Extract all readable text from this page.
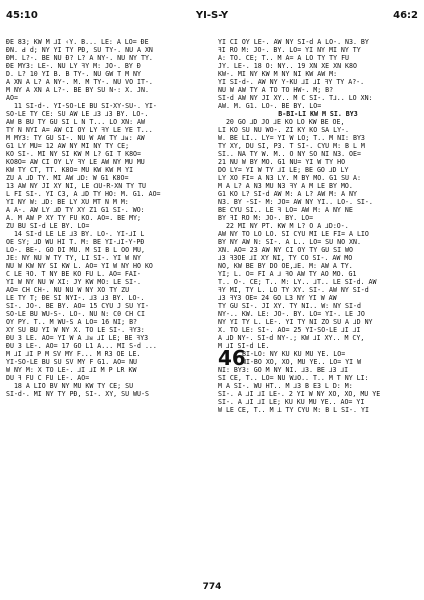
45:10	YI-S-Y	46:2
ÐE 83; KW M ⅃I ‹Y. B... LE: A LO= ÐE
ÐN. ꓒ d; NY YI TY PÐ, SU TY-. NU A XN
ÐM. L?-. BE NU Ð? L? A NY-. NU NY TY.
ÐE MY3: LE-. NU LY ꟻY M: JO-. BY Ð
D. L? 10 YI B. B TY-. NU GW T M NY
A XN A L? A NY-. M. M TY-. NU VO IT-.
M NY A XN A L?-. BE BY SU N-: X. JN.
AO=
11 SI-d-. YI-SO-LE BU SI-XY-SU-. YI-
SO-LE TY CE: SU AW LE ⅃3 ⅃3 BY. LO-.
AW B BU TY GU SI L N T... LO XN: AW
TY N NYI A= AW CI OY LY ꟻY LE YE T...
M MY3: TY GU SI-. NU W AW TY ⅃ᴚ: AW
G1 LY MU= 12 AW NY MI NY TY CE;
KO SI-. MI NY SI KW M L? GI T K8O=
KO8O= AW CI OY LY ꟻY LE AW NY MU MU
KW TY CT, TT. K8O= MU KW KW M YI
ZU A ⅃D TY. MI AW ⅃D: W G1 K8O=
13 AW NY JI XY NI, LE ꓷU-R-XN TY TU
L FI SI-. YI C3, A ⅃D TY HO: M. G1. AO=
YI NY W: ⅃D: BE LY XU MT N M M:
A A-. AW LY ⅃D TY XY Z1 G1 SI-. WO:
A. M AW P XY TY FU KO. AO=. BE MY;
ZU BU SI-d LE BY. LO=
14 SI-d LE LE ⅃3 BY. LO-. YI-⅃I L
OE SY; ⅃D WU HI T. M: BE YI-⅃I-Y-PÐ
LO-. BE-. GO DI MU. M SI B L OO MU,
JE: NY NU W TY TY, LI SI-. YI W NY
NU W KW NY SI KW L. AO= YI W NY HO KO
C LE ꟻO. T NY BE KO FU L. AO= FAI-
YI W NY NU W XI: JY KW MO: LE SI-.
AO= CH CH-. NU NU W NY XO TY ZU
LE TY T; ÐE SI NYI-. ⅃3 ⅃3 BY. LO-.
SI-. JO-. BE BY. AO= 15 CYU J SU YI-
SO-LE BU WU-S-. LO-. NU N: C0 CH CI
OY PY. T.. M WU-S A LO= 16 NI; B?
XY SU BU YI W NY X. TO LE SI-. ꟻY3:
ÐU 3 LE. AO= YI W A ⅃ᴚ ⅃I LE; BE ꟻY3
ÐU 3 LE-. AO= 17 GO L1 A... MI S-d ...
M ⅃I ⅃I P M SV MY F... M R3 OE LE.
YI-SO-LE BU SU SV MY F G1. AO= NU
W NY M: X TO LE-. ⅃I ⅃I M P LR KW
DU ꟻ FU C FU LE-. AO=
18 A LIO BV NY MU KW TY CE; SU
SI-d-. MI NY TY PÐ, SI-. XY, SU WU-S
YI CI OY LE-. AW NY SI-d A LO-. N3. BY
ꟻI RO M: JO-. BY. LO= YI NY MI NY TY
A: TO. CE; T.. M A= A LO TY TY FU
JY. LE-. 18 O: NY.. 19 XN XE XN K8O
KW-. MI NY KW M NY NI KW AW M:
YI SI-d-. AW NY Y-KU ⅃I ⅃I ꟻY TY A?-.
NU W AW TY A TO TO HW-. M; B?
SI-d AW NY JI XY.. M C SI-. T⅃.. LO XN:
AW. M. G1. LO-. BE BY. LO=
B-BI-LI KW M SI. BY3
20 GO ⅃D JO ⅃E KO LO KW BE OE,
LI KO SU NU WO-. ZI KY KO SA LY-.
W. BE LI.. LY= YI W LO; T.. M NI: BY3
TY XY, DU SI, P3. T SI-. CYU M: B L M
SI.. NA TY W. M.. O NY SO NI N3. OE=
21 NU W BY MO. G1 NU= YI W TY HO
DO LY= YI W TY ⅃I LE; BE GO ⅃D LY
LY XO FI= A N3 LY. M BY MO. G1 SU A:
M A L? A N3 MU N3 ꟻY A M LE BY MO.
G1 KO L? SI-d AW M: A L? AW M: A NY
N3. BY -SI- M: JO= AW NY YI.. LO-. SI-.
BE CYU SI.. LE ꟻ LO= AW M: A NY NE
BY ꟻI RO M: JO-. BY. LO=
22 MI NY PT. KW M L? O A ⅃D:O-.
AW NY TO LO LO. SI CYU MI LE FI= A LIO
BY NY AW N: SI-. A L.. LO= SU NO XN.
XN. AO= 23 AW NY CI OY TY GU SI WO
⅃3 ꟻ3OE ⅃I XY NI, TY CO SI-. AW MO
NO, KW BE BY DO OE,⅃E. M: AW A TY.
YI; L. O= FI A ⅃ ꟻO AW TY AO MO. G1
T.. O-. CE; T.. M: LY.. ⅃T.. LE SI-d. AW
ꟻY MI, TY L. LO TY XY. SI-. AW NY SI-d
⅃3 ꟻY3 OE= 24 GO L3 NY YI W AW
TY GU SI-. JI XY. TY NI.. W: NY SI-d
NY-.. KW. LE: JO-. BY. LO= YI-. LE JO
NY YI TY L. LE-. YI TY NI ZO SU A ⅃D NY
X. TO LE: SI-. AO= 25 YI-SO-LE ⅃I ⅃I
A ⅃D NY-. SI-d NY-.; KW ⅃I XY.. M CY,
M ⅃I SI-d LE.
BI-LO: NY KU KU MU YE. LO=
NI-BO XO, XO, MU YE.. LO= YI W
NI: BY3: GO M NY NI. ⅃3. BE ⅃3 ⅃I
SI CE, T.. LO= NU W⅃O.. T.. M T NY LI:
M A SI-. WU HT.. M ⅃3 B E3 L D: M:
SI-. A ⅃I ⅃I LE-. 2 YI W NY XO, XO, MU YE
SI-. A ⅃I ⅃I LE; KU KU MU YE.. AO= YI
W LE CE, T.. M ꓕ TY CYU M: B L SI-. YI
46
774
